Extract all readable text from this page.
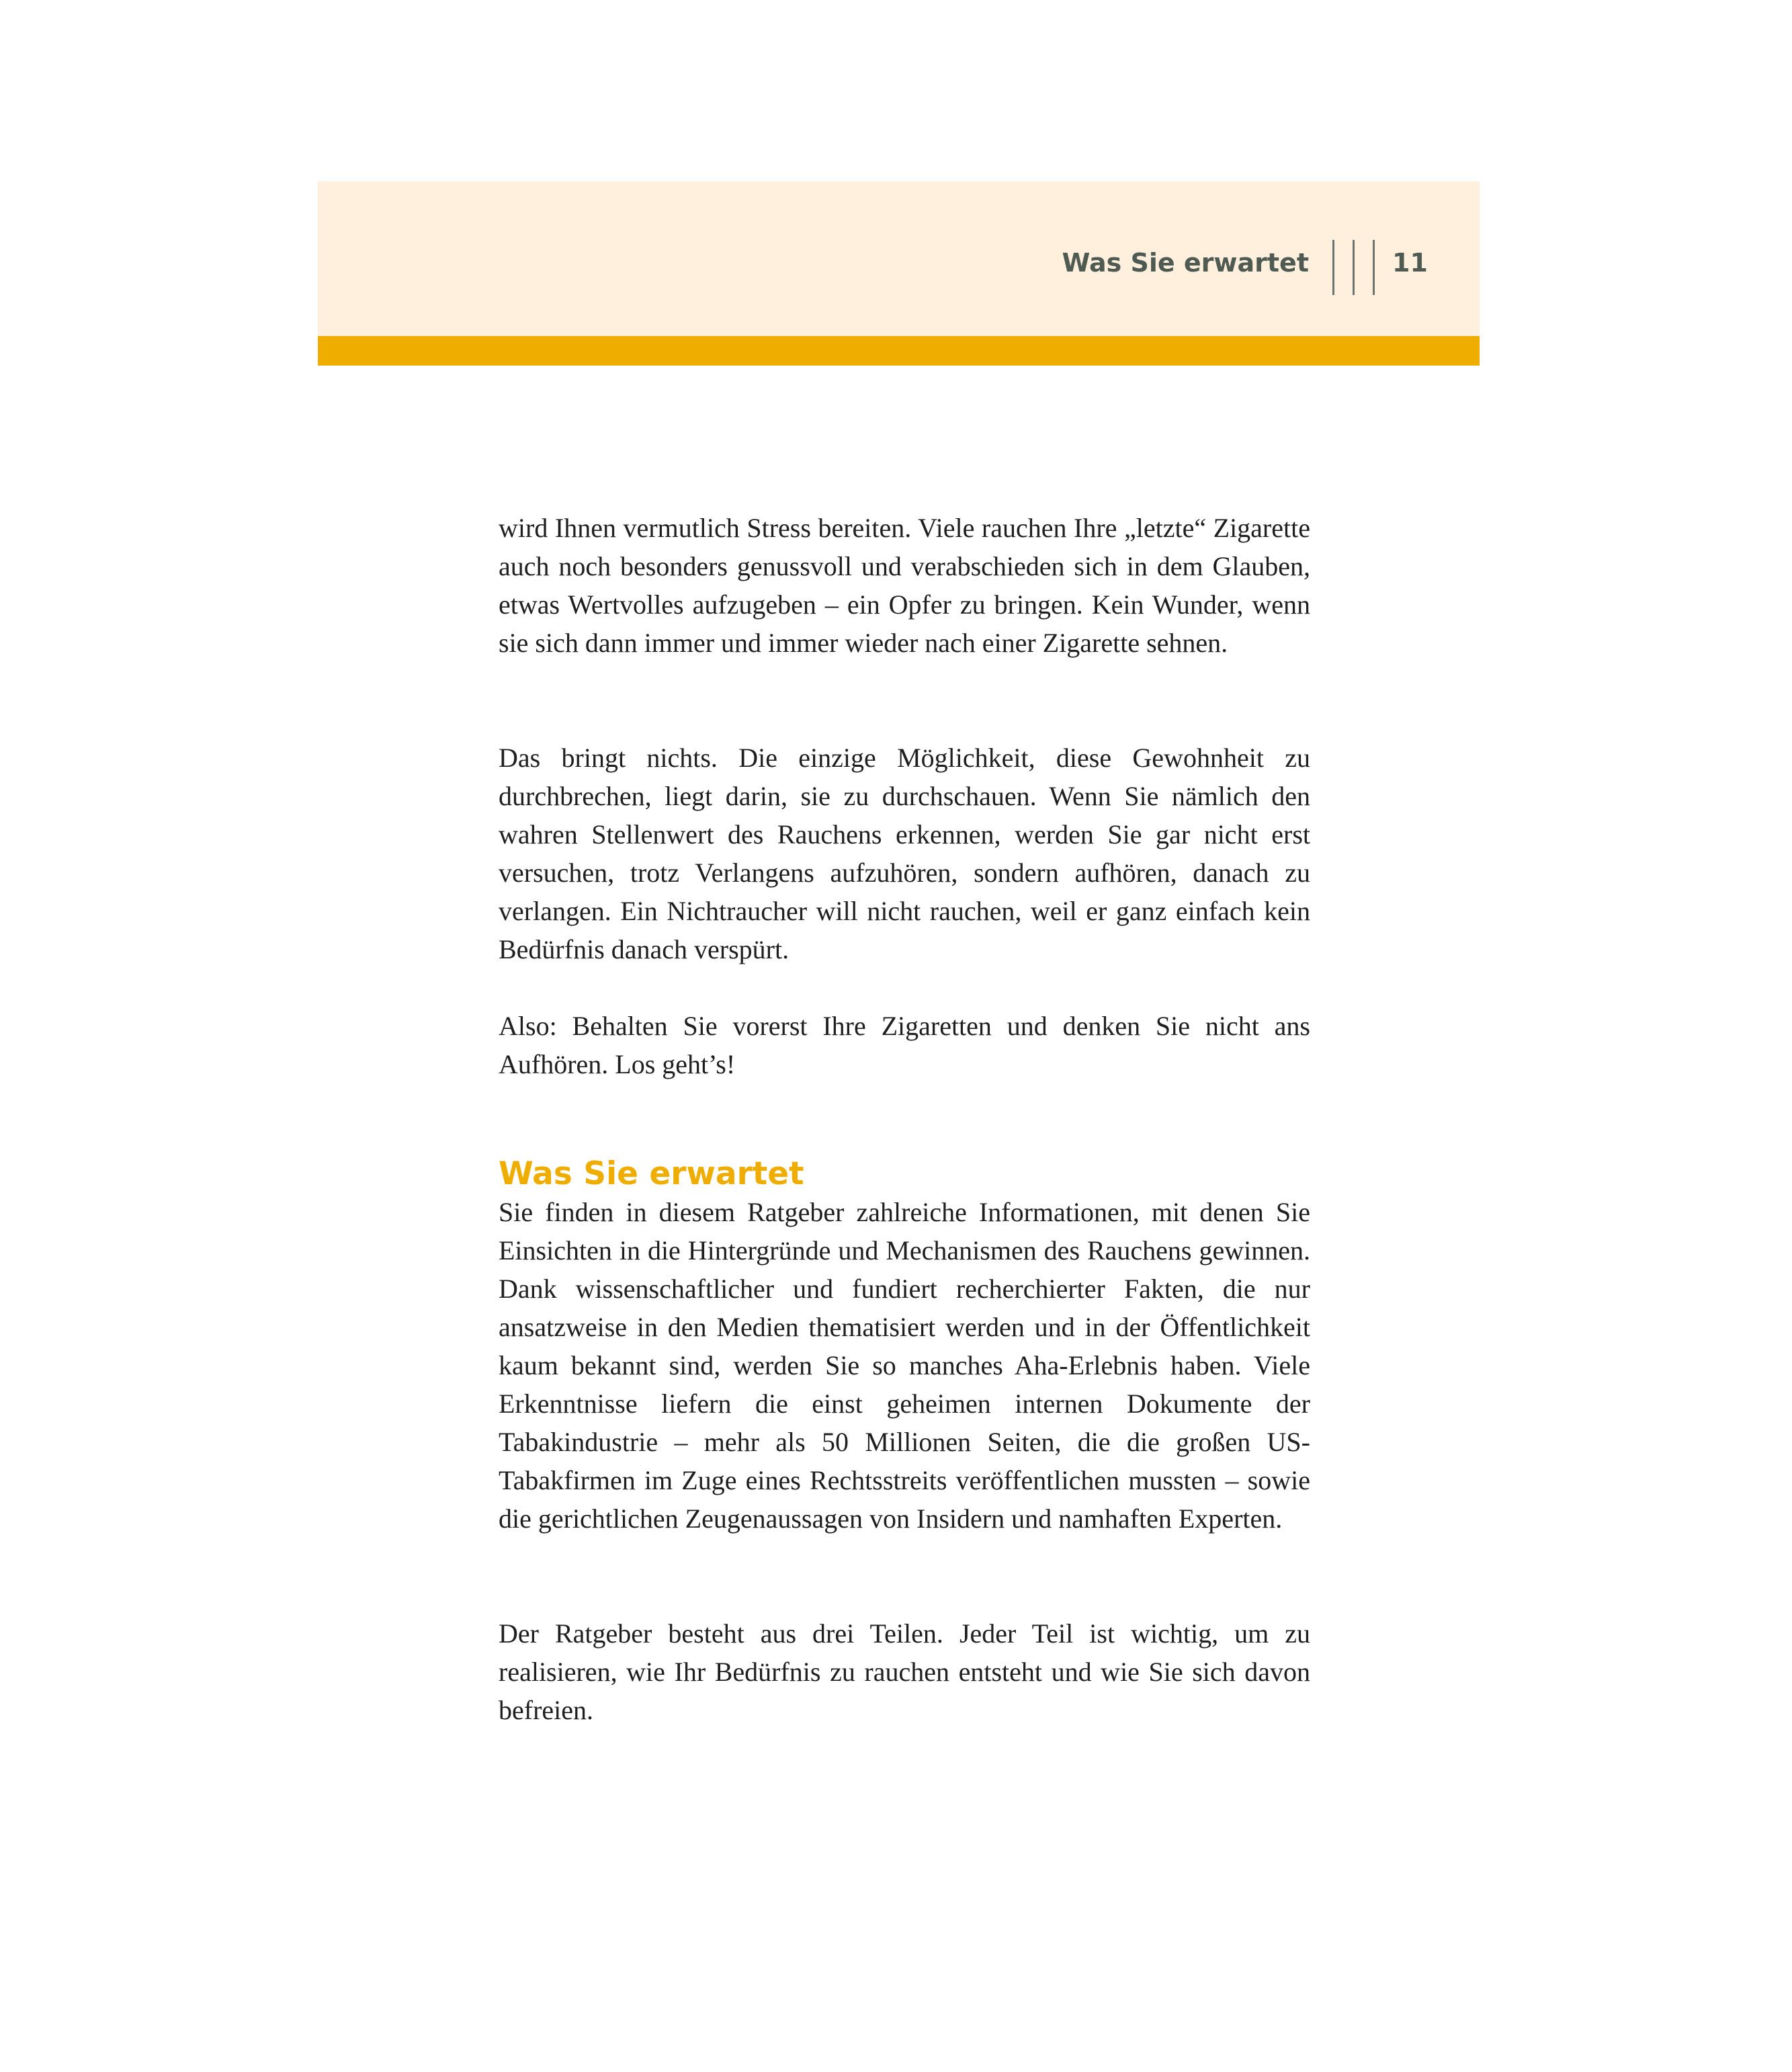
Was Sie erwartet	11

wird Ihnen vermutlich Stress bereiten. Viele rauchen Ihre „letzte“ Zigarette auch noch besonders genussvoll und verabschieden sich in dem Glauben, etwas Wertvolles aufzugeben – ein Opfer zu bringen. Kein Wunder, wenn sie sich dann immer und immer wieder nach einer Zigarette sehnen.

Das bringt nichts. Die einzige Möglichkeit, diese Gewohnheit zu durchbrechen, liegt darin, sie zu durchschauen. Wenn Sie nämlich den wahren Stellenwert des Rauchens erkennen, werden Sie gar nicht erst versuchen, trotz Verlangens aufzuhören, sondern aufhören, danach zu verlangen. Ein Nichtraucher will nicht rauchen, weil er ganz einfach kein Bedürfnis danach verspürt.

Also: Behalten Sie vorerst Ihre Zigaretten und denken Sie nicht ans Aufhören. Los geht’s!

Was Sie erwartet

Sie finden in diesem Ratgeber zahlreiche Informationen, mit denen Sie Einsichten in die Hintergründe und Mechanismen des Rauchens gewinnen. Dank wissenschaftlicher und fundiert recherchierter Fakten, die nur ansatzweise in den Medien thematisiert werden und in der Öffentlichkeit kaum bekannt sind, werden Sie so manches Aha-Erlebnis haben. Viele Erkenntnisse liefern die einst geheimen internen Dokumente der Tabakindustrie – mehr als 50 Millionen Seiten, die die großen US-Tabakfirmen im Zuge eines Rechtsstreits veröffentlichen mussten – sowie die gerichtlichen Zeugenaussagen von Insidern und namhaften Experten.

Der Ratgeber besteht aus drei Teilen. Jeder Teil ist wichtig, um zu realisieren, wie Ihr Bedürfnis zu rauchen entsteht und wie Sie sich davon befreien.
